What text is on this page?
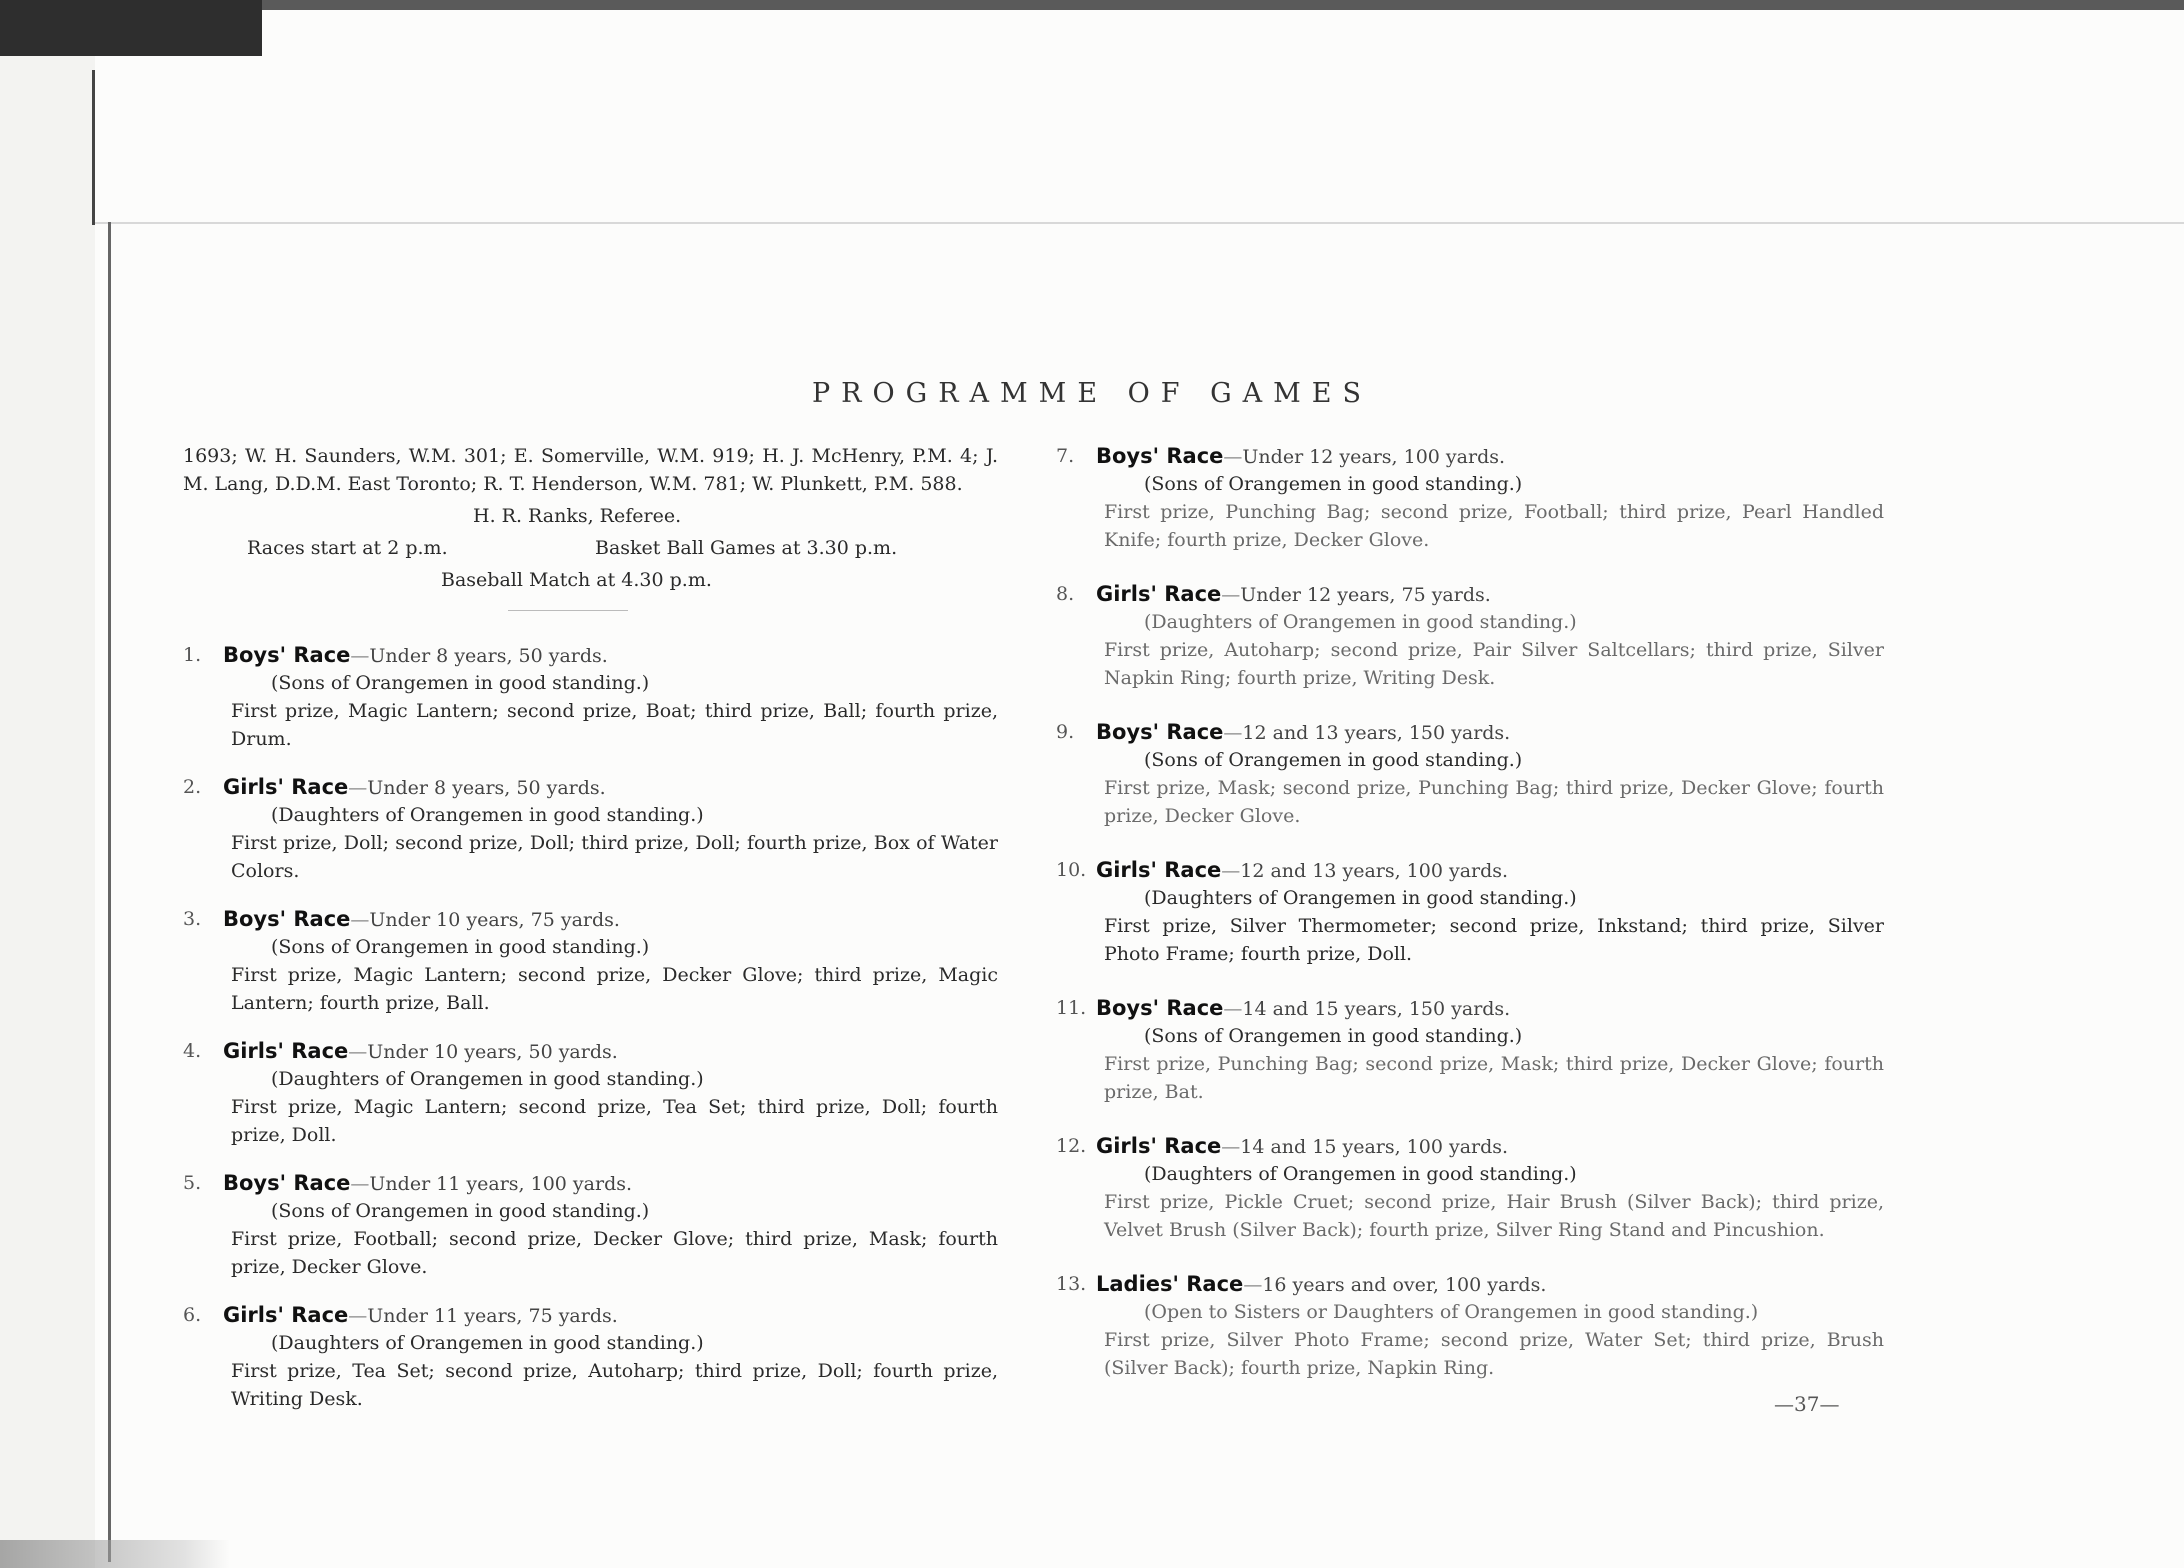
PROGRAMME OF GAMES

1693; W. H. Saunders, W.M. 301; E. Somerville, W.M. 919; H. J. McHenry, P.M. 4; J. M. Lang, D.D.M. East Toronto; R. T. Henderson, W.M. 781; W. Plunkett, P.M. 588.

H. R. Ranks, Referee.
Races start at 2 p.m.	Basket Ball Games at 3.30 p.m.
Baseball Match at 4.30 p.m.
1. Boys' Race—Under 8 years, 50 yards.
(Sons of Orangemen in good standing.)
First prize, Magic Lantern; second prize, Boat; third prize, Ball; fourth prize, Drum.
2. Girls' Race—Under 8 years, 50 yards.
(Daughters of Orangemen in good standing.)
First prize, Doll; second prize, Doll; third prize, Doll; fourth prize, Box of Water Colors.
3. Boys' Race—Under 10 years, 75 yards.
(Sons of Orangemen in good standing.)
First prize, Magic Lantern; second prize, Decker Glove; third prize, Magic Lantern; fourth prize, Ball.
4. Girls' Race—Under 10 years, 50 yards.
(Daughters of Orangemen in good standing.)
First prize, Magic Lantern; second prize, Tea Set; third prize, Doll; fourth prize, Doll.
5. Boys' Race—Under 11 years, 100 yards.
(Sons of Orangemen in good standing.)
First prize, Football; second prize, Decker Glove; third prize, Mask; fourth prize, Decker Glove.
6. Girls' Race—Under 11 years, 75 yards.
(Daughters of Orangemen in good standing.)
First prize, Tea Set; second prize, Autoharp; third prize, Doll; fourth prize, Writing Desk.
7. Boys' Race—Under 12 years, 100 yards.
(Sons of Orangemen in good standing.)
First prize, Punching Bag; second prize, Football; third prize, Pearl Handled Knife; fourth prize, Decker Glove.
8. Girls' Race—Under 12 years, 75 yards.
(Daughters of Orangemen in good standing.)
First prize, Autoharp; second prize, Pair Silver Saltcellars; third prize, Silver Napkin Ring; fourth prize, Writing Desk.
9. Boys' Race—12 and 13 years, 150 yards.
(Sons of Orangemen in good standing.)
First prize, Mask; second prize, Punching Bag; third prize, Decker Glove; fourth prize, Decker Glove.
10. Girls' Race—12 and 13 years, 100 yards.
(Daughters of Orangemen in good standing.)
First prize, Silver Thermometer; second prize, Inkstand; third prize, Silver Photo Frame; fourth prize, Doll.
11. Boys' Race—14 and 15 years, 150 yards.
(Sons of Orangemen in good standing.)
First prize, Punching Bag; second prize, Mask; third prize, Decker Glove; fourth prize, Bat.
12. Girls' Race—14 and 15 years, 100 yards.
(Daughters of Orangemen in good standing.)
First prize, Pickle Cruet; second prize, Hair Brush (Silver Back); third prize, Velvet Brush (Silver Back); fourth prize, Silver Ring Stand and Pincushion.
13. Ladies' Race—16 years and over, 100 yards.
(Open to Sisters or Daughters of Orangemen in good standing.)
First prize, Silver Photo Frame; second prize, Water Set; third prize, Brush (Silver Back); fourth prize, Napkin Ring.
—37—
